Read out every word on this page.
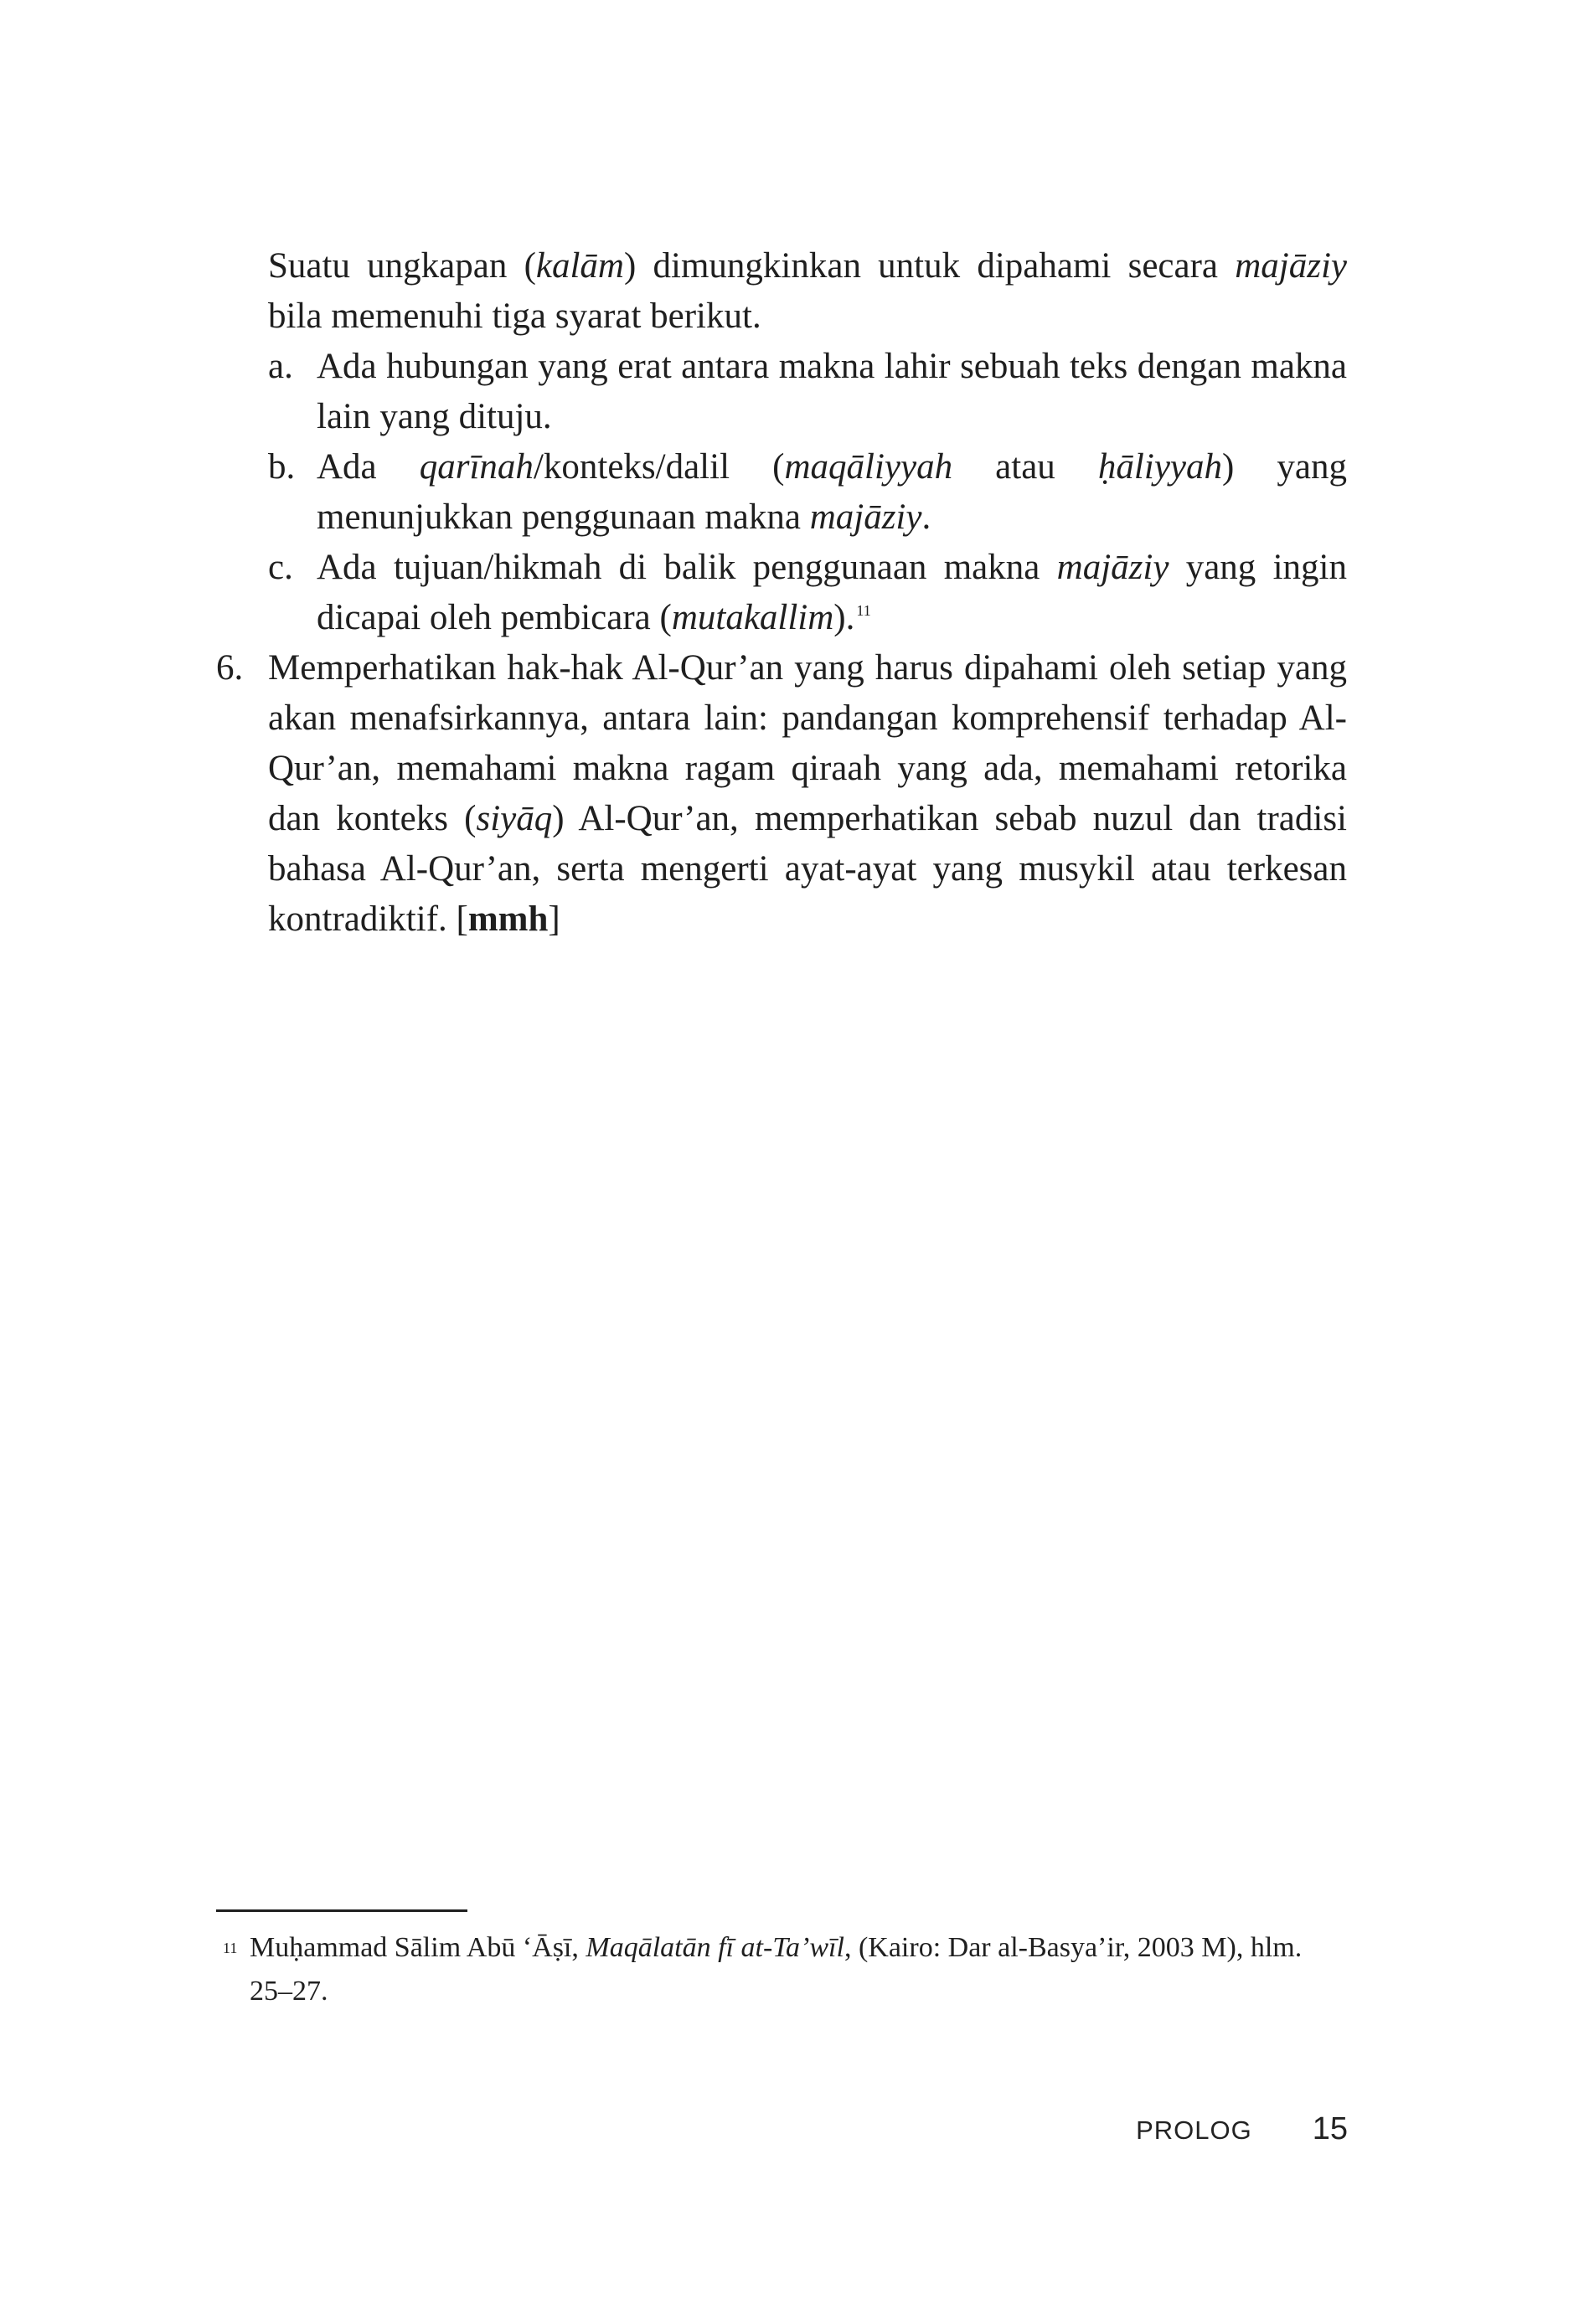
Suatu ungkapan (kalām) dimungkinkan untuk dipahami secara majāziy bila memenuhi tiga syarat berikut.

a. Ada hubungan yang erat antara makna lahir sebuah teks dengan makna lain yang dituju.
b. Ada qarīnah/konteks/dalil (maqāliyyah atau ḥāliyyah) yang menunjukkan penggunaan makna majāziy.
c. Ada tujuan/hikmah di balik penggunaan makna majāziy yang ingin dicapai oleh pembicara (mutakallim). $^{11}$
6. Memperhatikan hak-hak Al-Qur’an yang harus dipahami oleh setiap yang akan menafsirkannya, antara lain: pandangan komprehensif terhadap Al-Qur’an, memahami makna ragam qiraah yang ada, memahami retorika dan konteks (siyāq) Al-Qur’an, memperhatikan sebab nuzul dan tradisi bahasa Al-Qur’an, serta mengerti ayat-ayat yang musykil atau terkesan kontradiktif. [mmh]
11 Muḥammad Sālim Abū ‘Āṣī, Maqālatān fī at-Ta’wīl, (Kairo: Dar al-Basya’ir, 2003 M), hlm. 25–27.
PROLOG 15
